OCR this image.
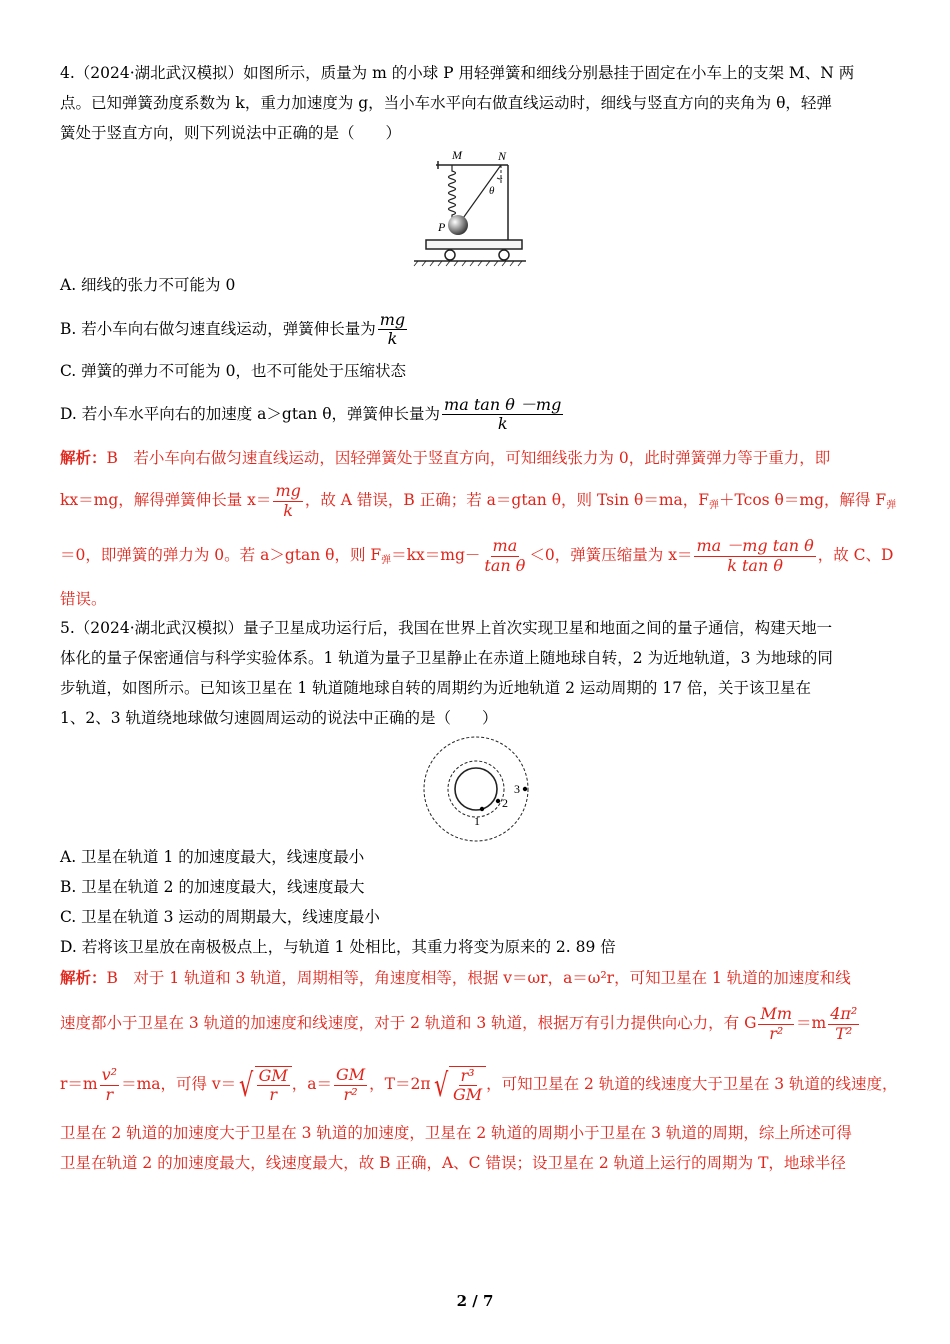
4.（2024·湖北武汉模拟）如图所示，质量为 m 的小球 P 用轻弹簧和细线分别悬挂于固定在小车上的支架 M、N 两
点。已知弹簧劲度系数为 k，重力加速度为 g，当小车水平向右做直线运动时，细线与竖直方向的夹角为 θ，轻弹
簧处于竖直方向，则下列说法中正确的是（　　）
M	N
θ
P
A. 细线的张力不可能为 0
B. 若小车向右做匀速直线运动，弹簧伸长量为 $\frac{mg}{k}$
C. 弹簧的弹力不可能为 0，也不可能处于压缩状态
D. 若小车水平向右的加速度 a＞gtan θ，弹簧伸长量为 $\frac{\text{ma tan θ －mg}}{k}$
解析：B　若小车向右做匀速直线运动，因轻弹簧处于竖直方向，可知细线张力为 0，此时弹簧弹力等于重力，即
kx＝mg，解得弹簧伸长量 $x= \frac{mg}{k}$ ，故 A 错误，B 正确；若 a＝gtan θ，则 Tsin θ＝ma，$F_弹+Tcos$ θ＝mg，解得 $F_弹$
＝0，即弹簧的弹力为 0。若 a＞gtan θ，则 $F_弹=kx=mg- \frac{ma}{\text{tan θ}} <0$，弹簧压缩量为 $x= \frac{\text{ma －mg tan θ}}{\text{k tan θ}}$ ，故 C、D
错误。
5.（2024·湖北武汉模拟）量子卫星成功运行后，我国在世界上首次实现卫星和地面之间的量子通信，构建天地一
体化的量子保密通信与科学实验体系。1 轨道为量子卫星静止在赤道上随地球自转，2 为近地轨道，3 为地球的同
步轨道，如图所示。已知该卫星在 1 轨道随地球自转的周期约为近地轨道 2 运动周期的 17 倍，关于该卫星在
1、2、3 轨道绕地球做匀速圆周运动的说法中正确的是（　　）
1
2
3
A. 卫星在轨道 1 的加速度最大，线速度最小
B. 卫星在轨道 2 的加速度最大，线速度最大
C. 卫星在轨道 3 运动的周期最大，线速度最小
D. 若将该卫星放在南极极点上，与轨道 1 处相比，其重力将变为原来的 2. 89 倍
解析：B　对于 1 轨道和 3 轨道，周期相等，角速度相等，根据 v＝ωr，a＝ω²r，可知卫星在 1 轨道的加速度和线
速度都小于卫星在 3 轨道的加速度和线速度，对于 2 轨道和 3 轨道，根据万有引力提供向心力，有 G $\frac{Mm}{\text{r²}} =m \frac{\text{4π²}}{\text{T²}}$
$r=m \frac{\text{v²}}{r} =ma$，可得 v＝ √ $\frac{GM}{r}$ ，$a= \frac{GM}{\text{r²}}$ ，T＝2π √ $\frac{\text{r³}}{GM}$ ，可知卫星在 2 轨道的线速度大于卫星在 3 轨道的线速度，
卫星在 2 轨道的加速度大于卫星在 3 轨道的加速度，卫星在 2 轨道的周期小于卫星在 3 轨道的周期，综上所述可得
卫星在轨道 2 的加速度最大，线速度最大，故 B 正确，A、C 错误；设卫星在 2 轨道上运行的周期为 T，地球半径
2 / 7
